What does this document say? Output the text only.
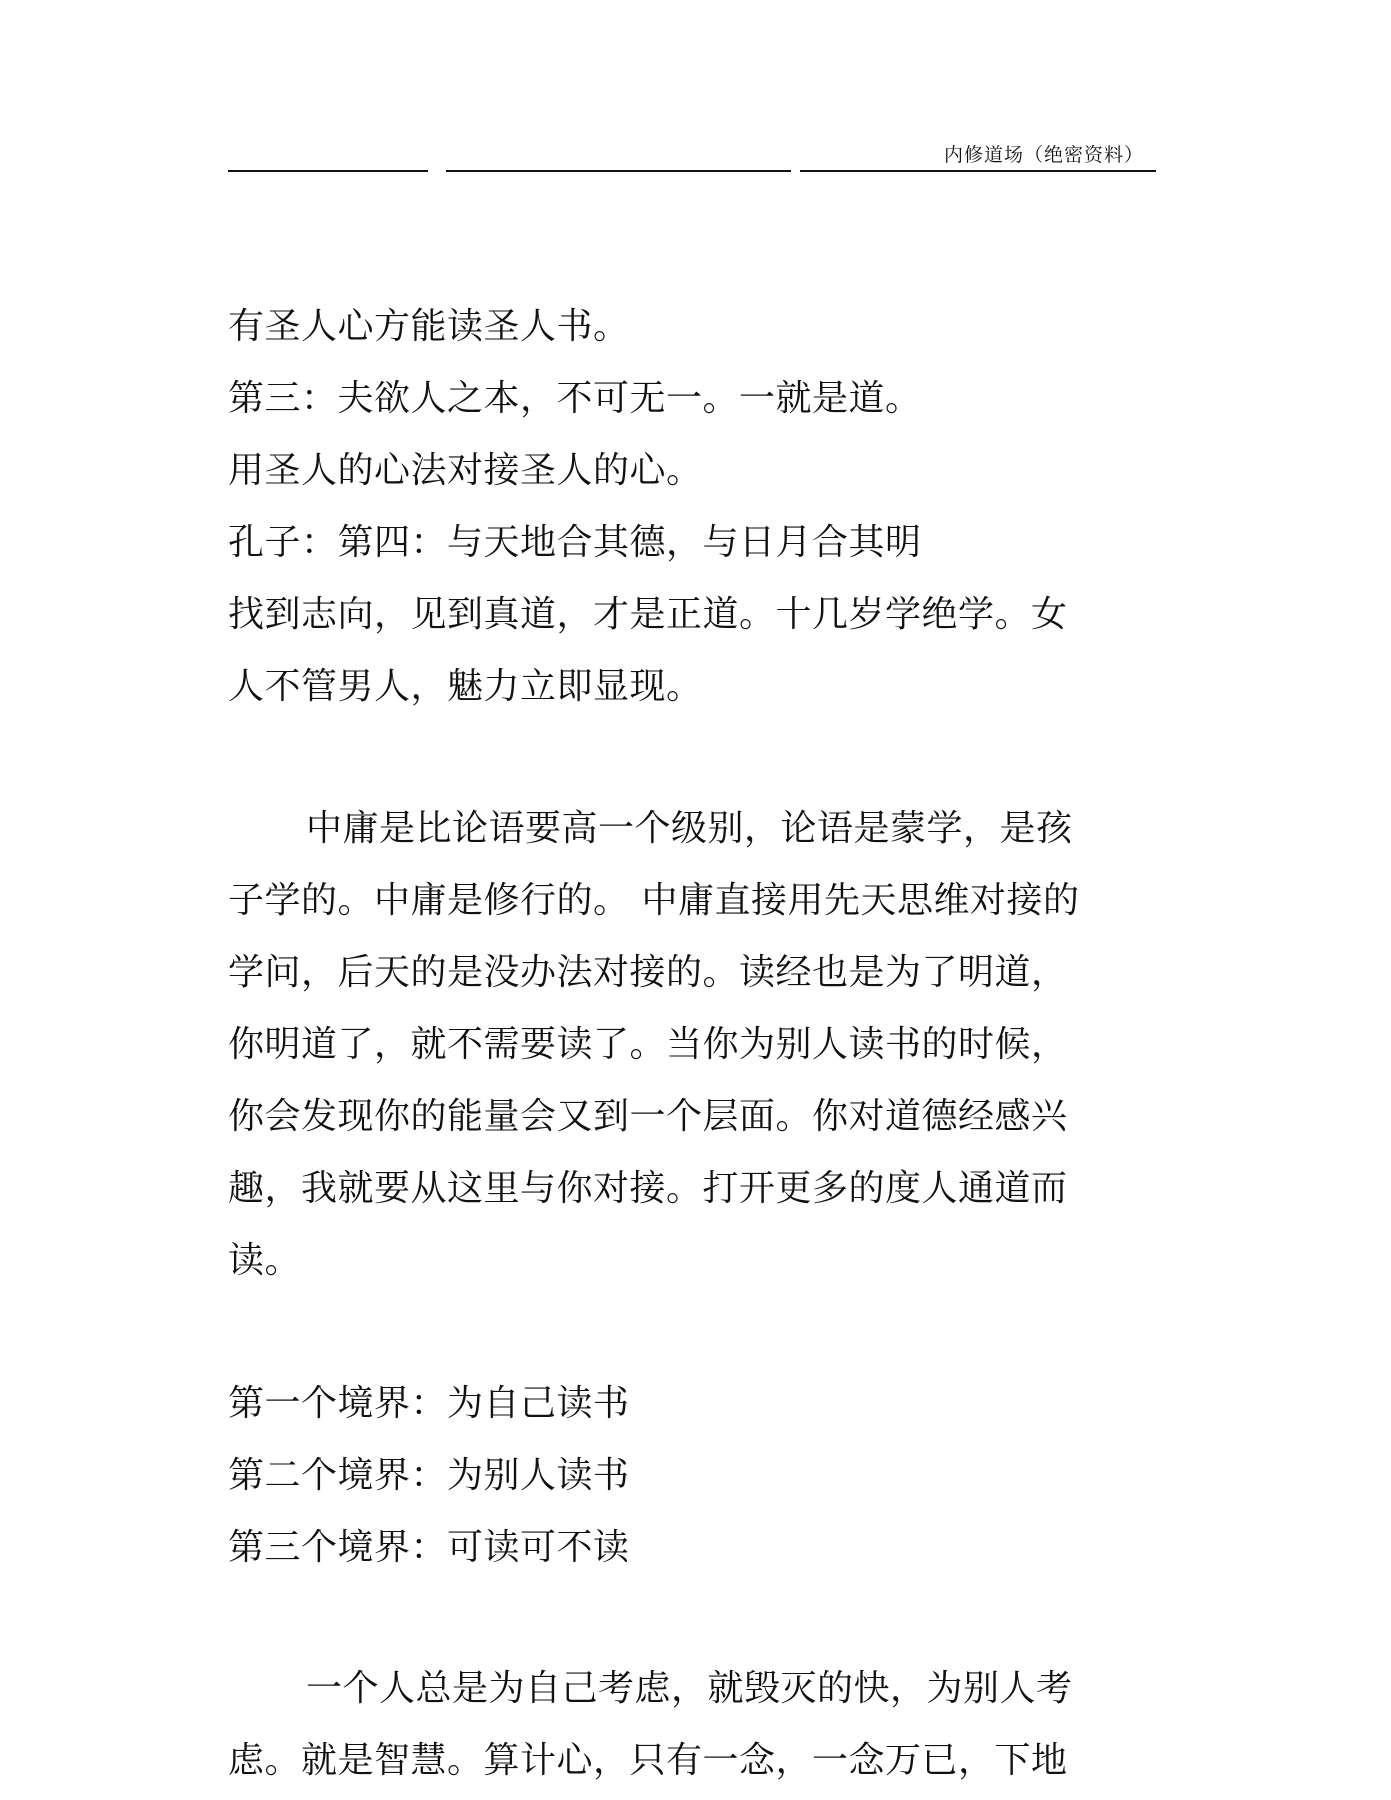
内修道场（绝密资料）
有圣人心方能读圣人书。
第三：夫欲人之本，不可无一。一就是道。
用圣人的心法对接圣人的心。
孔子：第四：与天地合其德，与日月合其明
找到志向，见到真道，才是正道。十几岁学绝学。女
人不管男人，魅力立即显现。
中庸是比论语要高一个级别，论语是蒙学，是孩
子学的。中庸是修行的。 中庸直接用先天思维对接的
学问，后天的是没办法对接的。读经也是为了明道，
你明道了，就不需要读了。当你为别人读书的时候，
你会发现你的能量会又到一个层面。你对道德经感兴
趣，我就要从这里与你对接。打开更多的度人通道而
读。
第一个境界：为自己读书
第二个境界：为别人读书
第三个境界：可读可不读
一个人总是为自己考虑，就毁灭的快，为别人考
虑。就是智慧。算计心，只有一念，一念万已，下地
